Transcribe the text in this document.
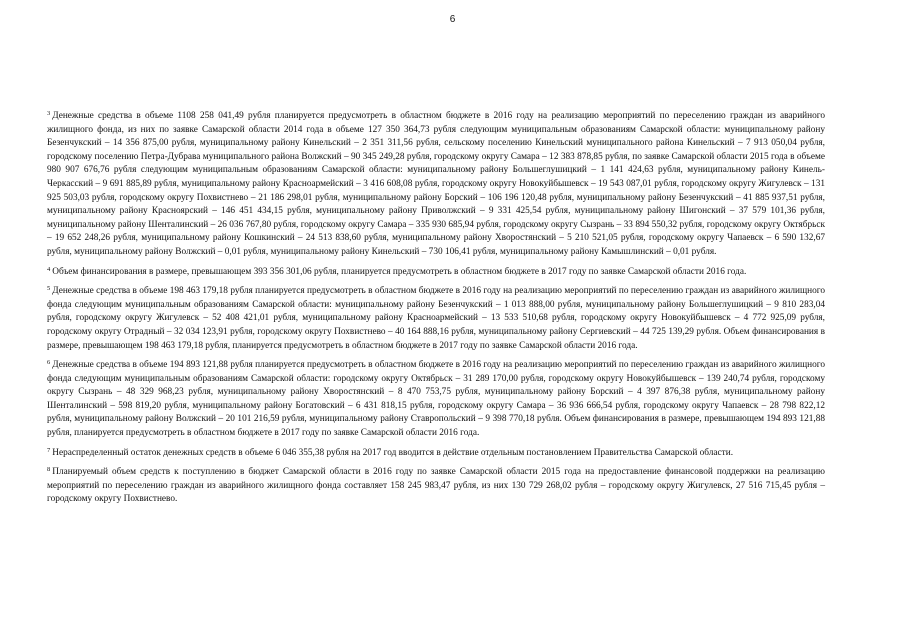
6

$^3$ Денежные средства в объеме 1108 258 041,49 рубля планируется предусмотреть в областном бюджете в 2016 году на реализацию мероприятий по переселению граждан из аварийного жилищного фонда, из них по заявке Самарской области 2014 года в объеме 127 350 364,73 рубля следующим муниципальным образованиям Самарской области: муниципальному району Безенчукский – 14 356 875,00 рубля, муниципальному району Кинельский – 2 351 311,56 рубля, сельскому поселению Кинельский муниципального района Кинельский – 7 913 050,04 рубля, городскому поселению Петра-Дубрава муниципального района Волжский – 90 345 249,28 рубля, городскому округу Самара – 12 383 878,85 рубля, по заявке Самарской области 2015 года в объеме 980 907 676,76 рубля следующим муниципальным образованиям Самарской области: муниципальному району Большеглушицкий – 1 141 424,63 рубля, муниципальному району Кинель-Черкасский – 9 691 885,89 рубля, муниципальному району Красноармейский – 3 416 608,08 рубля, городскому округу Новокуйбышевск – 19 543 087,01 рубля, городскому округу Жигулевск – 131 925 503,03 рубля, городскому округу Похвистнево – 21 186 298,01 рубля, муниципальному району Борский – 106 196 120,48 рубля, муниципальному району Безенчукский – 41 885 937,51 рубля, муниципальному району Красноярский – 146 451 434,15 рубля, муниципальному району Приволжский – 9 331 425,54 рубля, муниципальному району Шигонский – 37 579 101,36 рубля, муниципальному району Шенталинский – 26 036 767,80 рубля, городскому округу Самара – 335 930 685,94 рубля, городскому округу Сызрань – 33 894 550,32 рубля, городскому округу Октябрьск – 19 652 248,26 рубля, муниципальному району Кошкинский – 24 513 838,60 рубля, муниципальному району Хворостянский – 5 210 521,05 рубля, городскому округу Чапаевск – 6 590 132,67 рубля, муниципальному району Волжский – 0,01 рубля, муниципальному району Кинельский – 730 106,41 рубля, муниципальному району Камышлинский – 0,01 рубля.

$^4$ Объем финансирования в размере, превышающем 393 356 301,06 рубля, планируется предусмотреть в областном бюджете в 2017 году по заявке Самарской области 2016 года.

$^5$ Денежные средства в объеме 198 463 179,18 рубля планируется предусмотреть в областном бюджете в 2016 году на реализацию мероприятий по переселению граждан из аварийного жилищного фонда следующим муниципальным образованиям Самарской области: муниципальному району Безенчукский – 1 013 888,00 рубля, муниципальному району Большеглушицкий – 9 810 283,04 рубля, городскому округу Жигулевск – 52 408 421,01 рубля, муниципальному району Красноармейский – 13 533 510,68 рубля, городскому округу Новокуйбышевск – 4 772 925,09 рубля, городскому округу Отрадный – 32 034 123,91 рубля, городскому округу Похвистнево – 40 164 888,16 рубля, муниципальному району Сергиевский – 44 725 139,29 рубля. Объем финансирования в размере, превышающем 198 463 179,18 рубля, планируется предусмотреть в областном бюджете в 2017 году по заявке Самарской области 2016 года.

$^6$ Денежные средства в объеме 194 893 121,88 рубля планируется предусмотреть в областном бюджете в 2016 году на реализацию мероприятий по переселению граждан из аварийного жилищного фонда следующим муниципальным образованиям Самарской области: городскому округу Октябрьск – 31 289 170,00 рубля, городскому округу Новокуйбышевск – 139 240,74 рубля, городскому округу Сызрань – 48 329 968,23 рубля, муниципальному району Хворостянский – 8 470 753,75 рубля, муниципальному району Борский – 4 397 876,38 рубля, муниципальному району Шенталинский – 598 819,20 рубля, муниципальному району Богатовский – 6 431 818,15 рубля, городскому округу Самара – 36 936 666,54 рубля, городскому округу Чапаевск – 28 798 822,12 рубля, муниципальному району Волжский – 20 101 216,59 рубля, муниципальному району Ставропольский – 9 398 770,18 рубля. Объем финансирования в размере, превышающем 194 893 121,88 рубля, планируется предусмотреть в областном бюджете в 2017 году по заявке Самарской области 2016 года.

$^7$ Нераспределенный остаток денежных средств в объеме 6 046 355,38 рубля на 2017 год вводится в действие отдельным постановлением Правительства Самарской области.

$^8$ Планируемый объем средств к поступлению в бюджет Самарской области в 2016 году по заявке Самарской области 2015 года на предоставление финансовой поддержки на реализацию мероприятий по переселению граждан из аварийного жилищного фонда составляет 158 245 983,47 рубля, из них 130 729 268,02 рубля – городскому округу Жигулевск, 27 516 715,45 рубля – городскому округу Похвистнево.
